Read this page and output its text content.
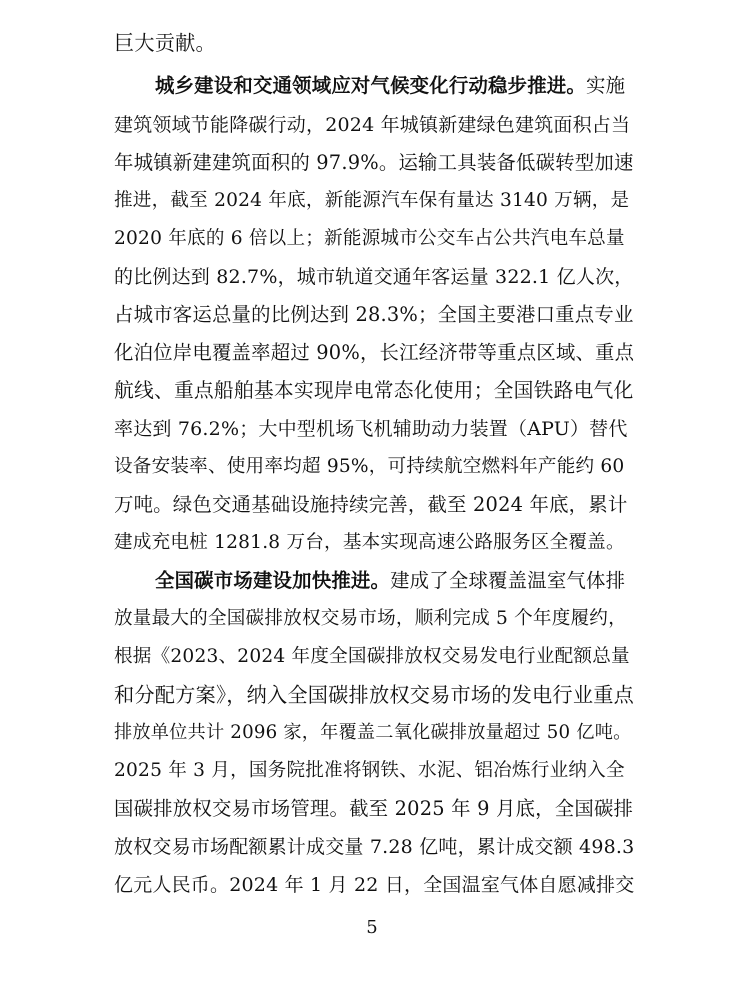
巨大贡献。
城乡建设和交通领域应对气候变化行动稳步推进。实施
建筑领域节能降碳行动，2024 年城镇新建绿色建筑面积占当
年城镇新建建筑面积的 97.9%。运输工具装备低碳转型加速
推进，截至 2024 年底，新能源汽车保有量达 3140 万辆，是
2020 年底的 6 倍以上；新能源城市公交车占公共汽电车总量
的比例达到 82.7%，城市轨道交通年客运量 322.1 亿人次，
占城市客运总量的比例达到 28.3%；全国主要港口重点专业
化泊位岸电覆盖率超过 90%，长江经济带等重点区域、重点
航线、重点船舶基本实现岸电常态化使用；全国铁路电气化
率达到 76.2%；大中型机场飞机辅助动力装置（APU）替代
设备安装率、使用率均超 95%，可持续航空燃料年产能约 60
万吨。绿色交通基础设施持续完善，截至 2024 年底，累计
建成充电桩 1281.8 万台，基本实现高速公路服务区全覆盖。
全国碳市场建设加快推进。建成了全球覆盖温室气体排
放量最大的全国碳排放权交易市场，顺利完成 5 个年度履约，
根据《2023、2024 年度全国碳排放权交易发电行业配额总量
和分配方案》，纳入全国碳排放权交易市场的发电行业重点
排放单位共计 2096 家，年覆盖二氧化碳排放量超过 50 亿吨。
2025 年 3 月，国务院批准将钢铁、水泥、铝冶炼行业纳入全
国碳排放权交易市场管理。截至 2025 年 9 月底，全国碳排
放权交易市场配额累计成交量 7.28 亿吨，累计成交额 498.3
亿元人民币。2024 年 1 月 22 日，全国温室气体自愿减排交
5
